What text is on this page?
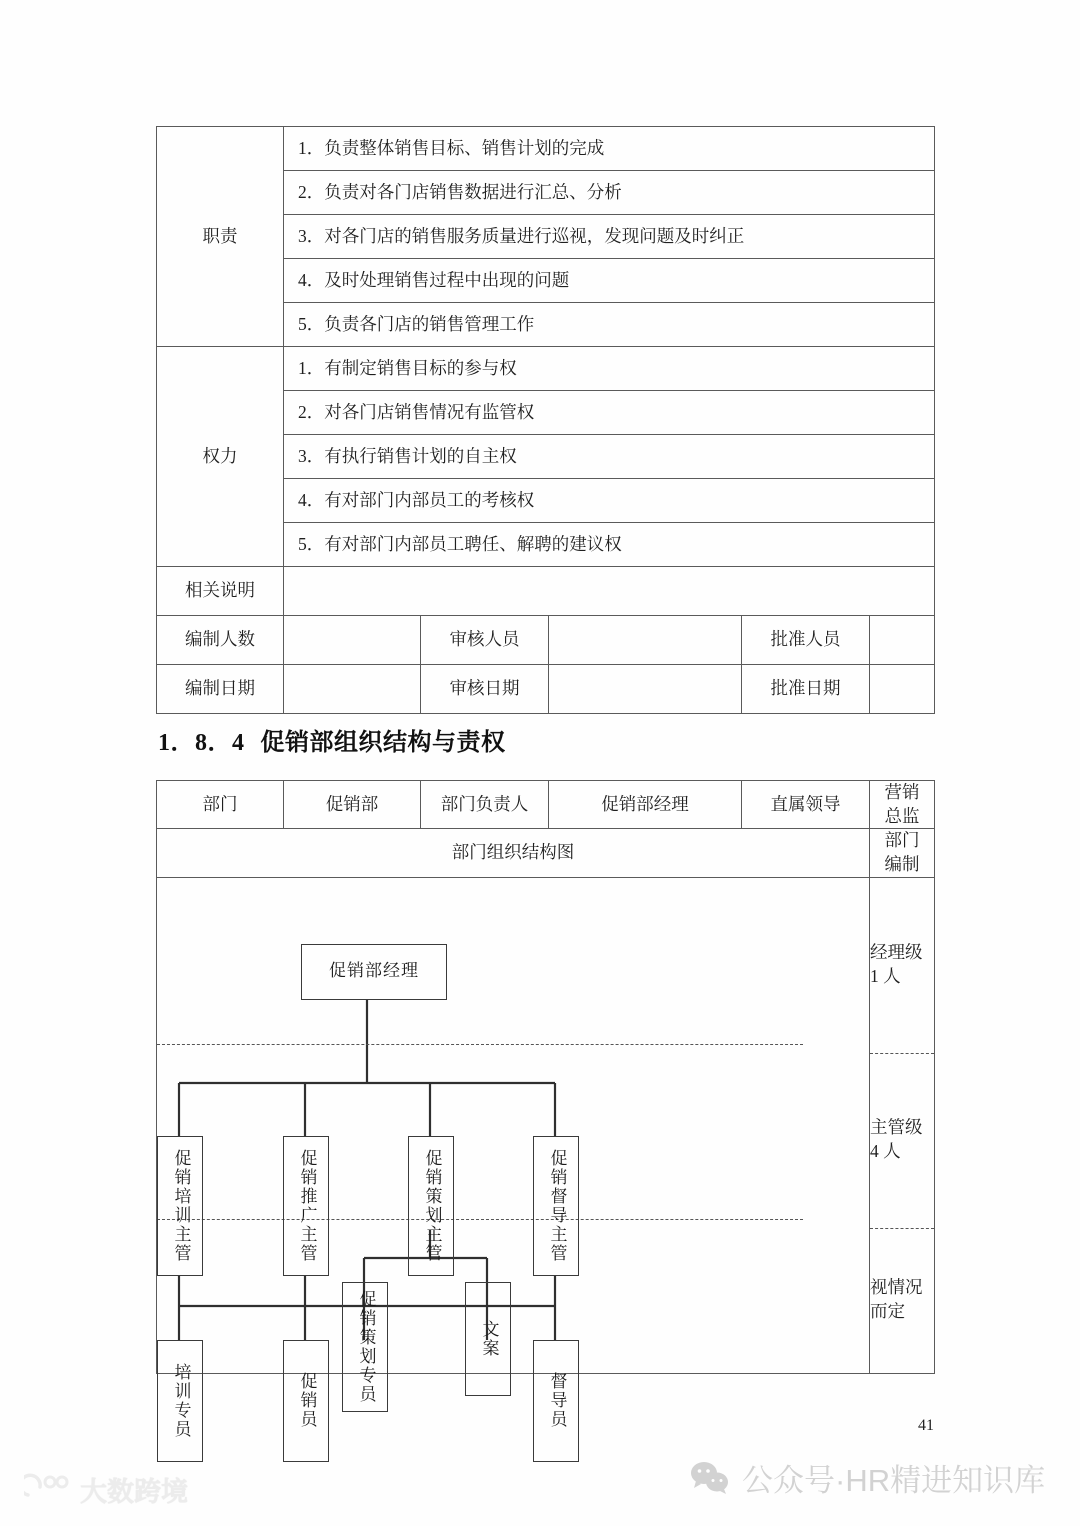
职责	1．负责整体销售目标、销售计划的完成				
	2．负责对各门店销售数据进行汇总、分析				
	3．对各门店的销售服务质量进行巡视，发现问题及时纠正				
	4．及时处理销售过程中出现的问题				
	5．负责各门店的销售管理工作				
权力	1．有制定销售目标的参与权				
	2．对各门店销售情况有监管权				
	3．有执行销售计划的自主权				
	4．有对部门内部员工的考核权				
	5．有对部门内部员工聘任、解聘的建议权				
相关说明					
编制人数		审核人员		批准人员	
编制日期		审核日期		批准日期	
1．8．4 促销部组织结构与责权
部门	促销部	部门负责人	促销部经理	直属领导	营销总监
部门组织结构图					部门编制

促销部经理
促销培训主管	促销推广主管	促销策划主管	促销督导主管
培训专员	促销员	促销策划专员	文案
督导员

经理级 1 人
主管级 4 人
视情况而定
41
公众号·HR精进知识库
大数跨境
